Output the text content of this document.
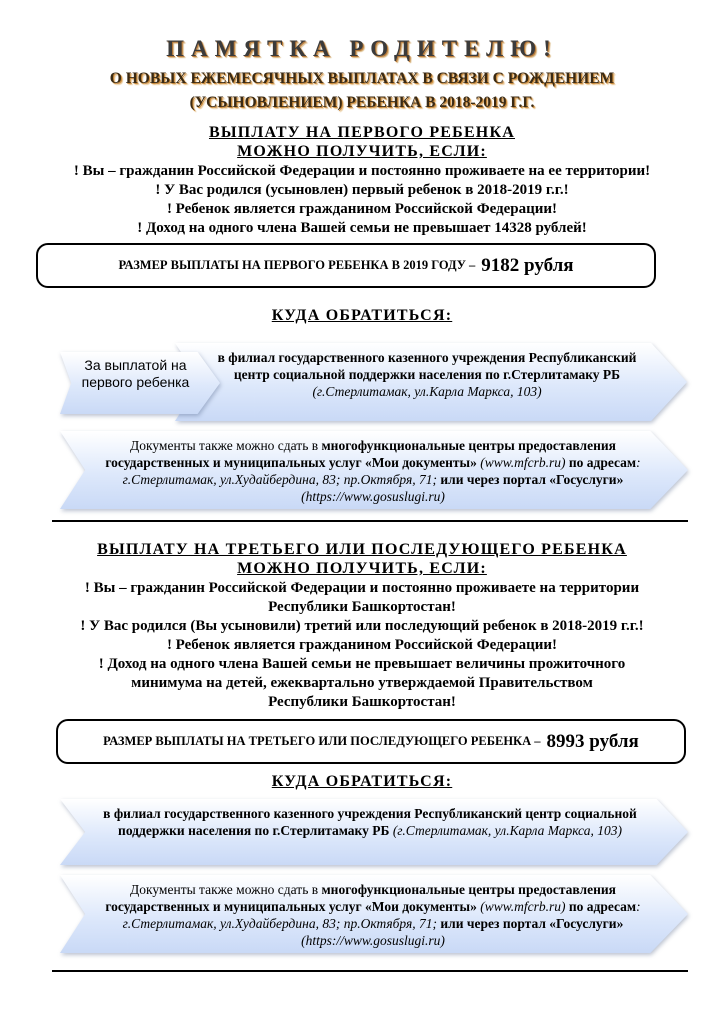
ПАМЯТКА РОДИТЕЛЮ!
О НОВЫХ ЕЖЕМЕСЯЧНЫХ ВЫПЛАТАХ В СВЯЗИ С РОЖДЕНИЕМ
(УСЫНОВЛЕНИЕМ) РЕБЕНКА В 2018-2019 Г.Г.
ВЫПЛАТУ НА ПЕРВОГО РЕБЕНКА
МОЖНО ПОЛУЧИТЬ, ЕСЛИ:
! Вы – гражданин Российской Федерации и постоянно проживаете на ее территории!
! У Вас родился (усыновлен) первый ребенок в 2018-2019 г.г.!
! Ребенок является гражданином Российской Федерации!
! Доход на одного члена Вашей семьи не превышает 14328 рублей!
РАЗМЕР ВЫПЛАТЫ НА ПЕРВОГО РЕБЕНКА В 2019 ГОДУ – 9182 рубля
КУДА ОБРАТИТЬСЯ:
в филиал государственного казенного учреждения Республиканский центр социальной поддержки населения по г.Стерлитамаку РБ (г.Стерлитамак, ул.Карла Маркса, 103)
За выплатой на первого ребенка
Документы также можно сдать в многофункциональные центры предоставления государственных и муниципальных услуг «Мои документы» (www.mfcrb.ru) по адресам: г.Стерлитамак, ул.Худайбердина, 83; пр.Октября, 71; или через портал «Госуслуги» (https://www.gosuslugi.ru)
ВЫПЛАТУ НА ТРЕТЬЕГО ИЛИ ПОСЛЕДУЮЩЕГО РЕБЕНКА
МОЖНО ПОЛУЧИТЬ, ЕСЛИ:
! Вы – гражданин Российской Федерации и постоянно проживаете на территории
Республики Башкортостан!
! У Вас родился (Вы усыновили) третий или последующий ребенок в 2018-2019 г.г.!
! Ребенок является гражданином Российской Федерации!
! Доход на одного члена Вашей семьи не превышает величины прожиточного
минимума на детей, ежеквартально утверждаемой Правительством
Республики Башкортостан!
РАЗМЕР ВЫПЛАТЫ НА ТРЕТЬЕГО ИЛИ ПОСЛЕДУЮЩЕГО РЕБЕНКА – 8993 рубля
КУДА ОБРАТИТЬСЯ:
в филиал государственного казенного учреждения Республиканский центр социальной поддержки населения по г.Стерлитамаку РБ (г.Стерлитамак, ул.Карла Маркса, 103)
Документы также можно сдать в многофункциональные центры предоставления государственных и муниципальных услуг «Мои документы» (www.mfcrb.ru) по адресам: г.Стерлитамак, ул.Худайбердина, 83; пр.Октября, 71; или через портал «Госуслуги» (https://www.gosuslugi.ru)
